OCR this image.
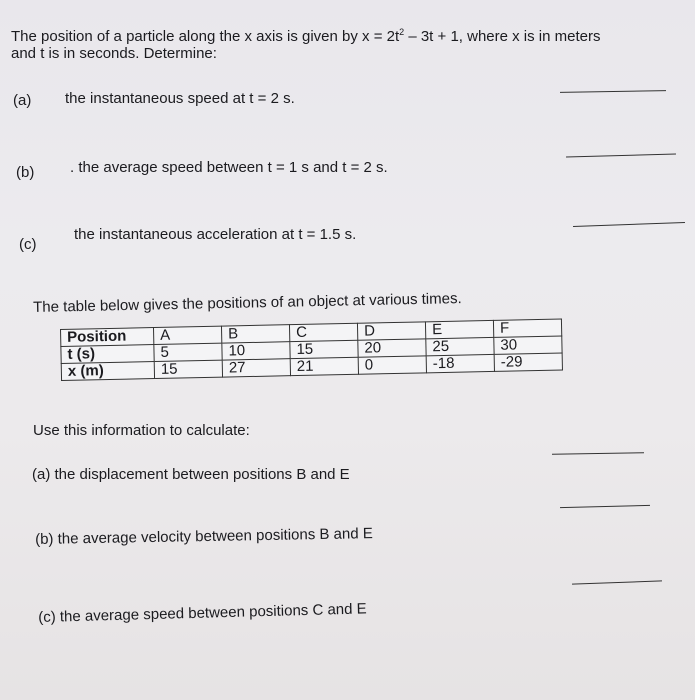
The position of a particle along the x axis is given by $x = 2t^2 - 3t + 1$, where x is in meters
and t is in seconds. Determine:
(a) the instantaneous speed at t = 2 s.
(b) . the average speed between t = 1 s and t = 2 s.
(c)
the instantaneous acceleration at t = 1.5 s.
The table below gives the positions of an object at various times.
Position	A	B	C	D	E	F
t (s)	5	10	15	20	25	30
x (m)	15	27	21	0	-18	-29
Use this information to calculate:
(a) the displacement between positions B and E
(b) the average velocity between positions B and E
(c) the average speed between positions C and E
